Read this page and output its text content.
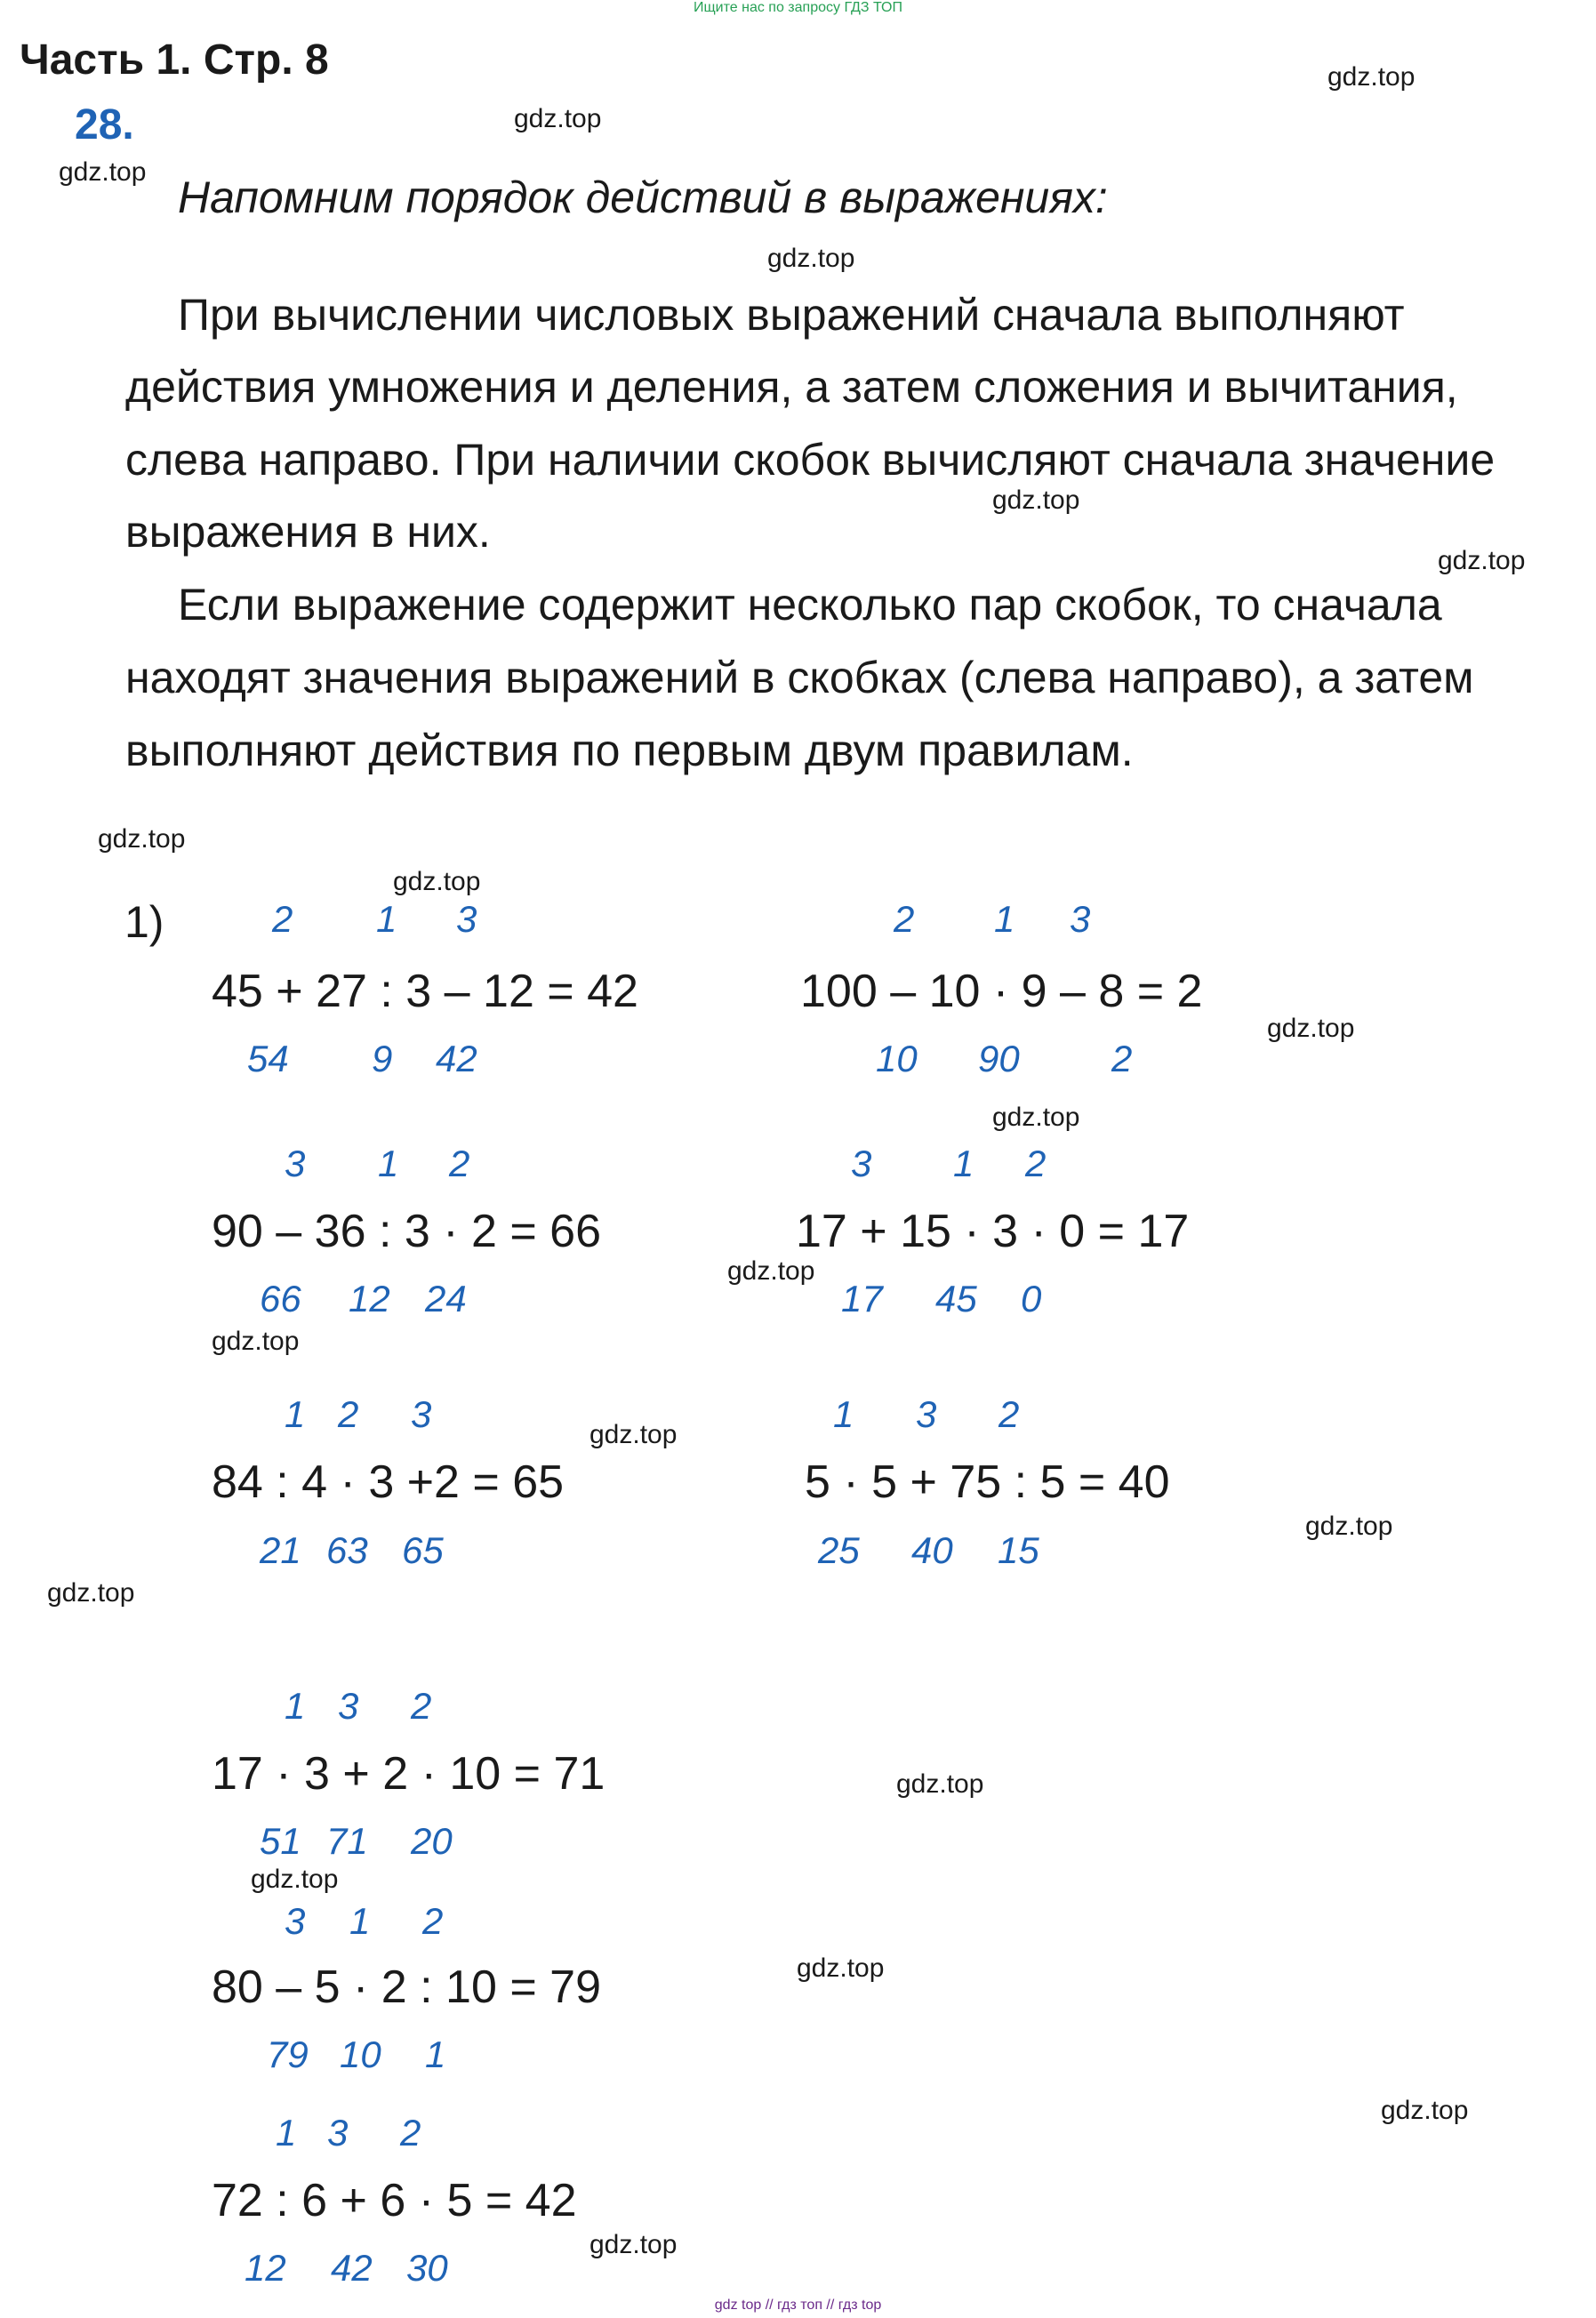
Ищите нас по запросу ГДЗ ТОП
Часть 1. Стр. 8
28.
gdz.top
gdz.top
gdz.top
gdz.top
gdz.top
gdz.top
gdz.top
gdz.top
gdz.top
gdz.top
gdz.top
gdz.top
gdz.top
gdz.top
gdz.top
gdz.top
gdz.top
gdz.top
gdz.top
gdz.top
Напомним порядок действий в выражениях:
При вычислении числовых выражений сначала выполняют
действия умножения и деления, а затем сложения и вычитания,
слева направо. При наличии скобок вычисляют сначала значение
выражения в них.
Если выражение содержит несколько пар скобок, то сначала
находят значения выражений в скобках (слева направо), а затем
выполняют действия по первым двум правилам.
1)	2 1 3
45 + 27 : 3 – 12 = 42
54 9 42
2 1 3
100 – 10 · 9 – 8 = 2
10 90 2
3 1 2
90 – 36 : 3 · 2 = 66
66 12 24
3 1 2
17 + 15 · 3 · 0 = 17
17 45 0
1 2 3
84 : 4 · 3 +2 = 65
21 63 65
1 3 2
5 · 5 + 75 : 5 = 40
25 40 15
1 3 2
17 · 3 + 2 · 10 = 71
51 71 20
3 1 2
80 – 5 · 2 : 10 = 79
79 10 1
1 3 2
72 : 6 + 6 · 5 = 42
12 42 30
gdz top // гдз топ // гдз top
